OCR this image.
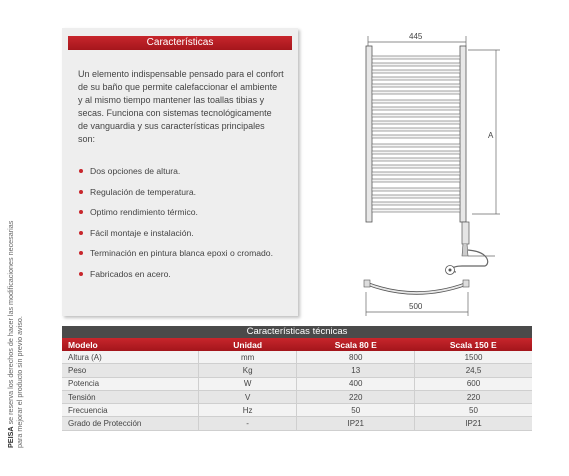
PEISA se reserva los derechos de hacer las modificaciones necesarias para mejorar el producto sin previo aviso.
Características
Un elemento indispensable pensado para el confort de su baño que permite calefaccionar el ambiente y al mismo tiempo mantener las toallas tibias y secas. Funciona con sistemas tecnológicamente de vanguardia y sus características principales son:
Dos opciones de altura.
Regulación de temperatura.
Optimo rendimiento térmico.
Fácil montaje e instalación.
Terminación en pintura blanca epoxi o cromado.
Fabricados en acero.
445
A
500
Características técnicas
Modelo	Unidad	Scala 80 E	Scala 150 E
Altura (A)	mm	800	1500
Peso	Kg	13	24,5
Potencia	W	400	600
Tensión	V	220	220
Frecuencia	Hz	50	50
Grado de Protección	-	IP21	IP21
